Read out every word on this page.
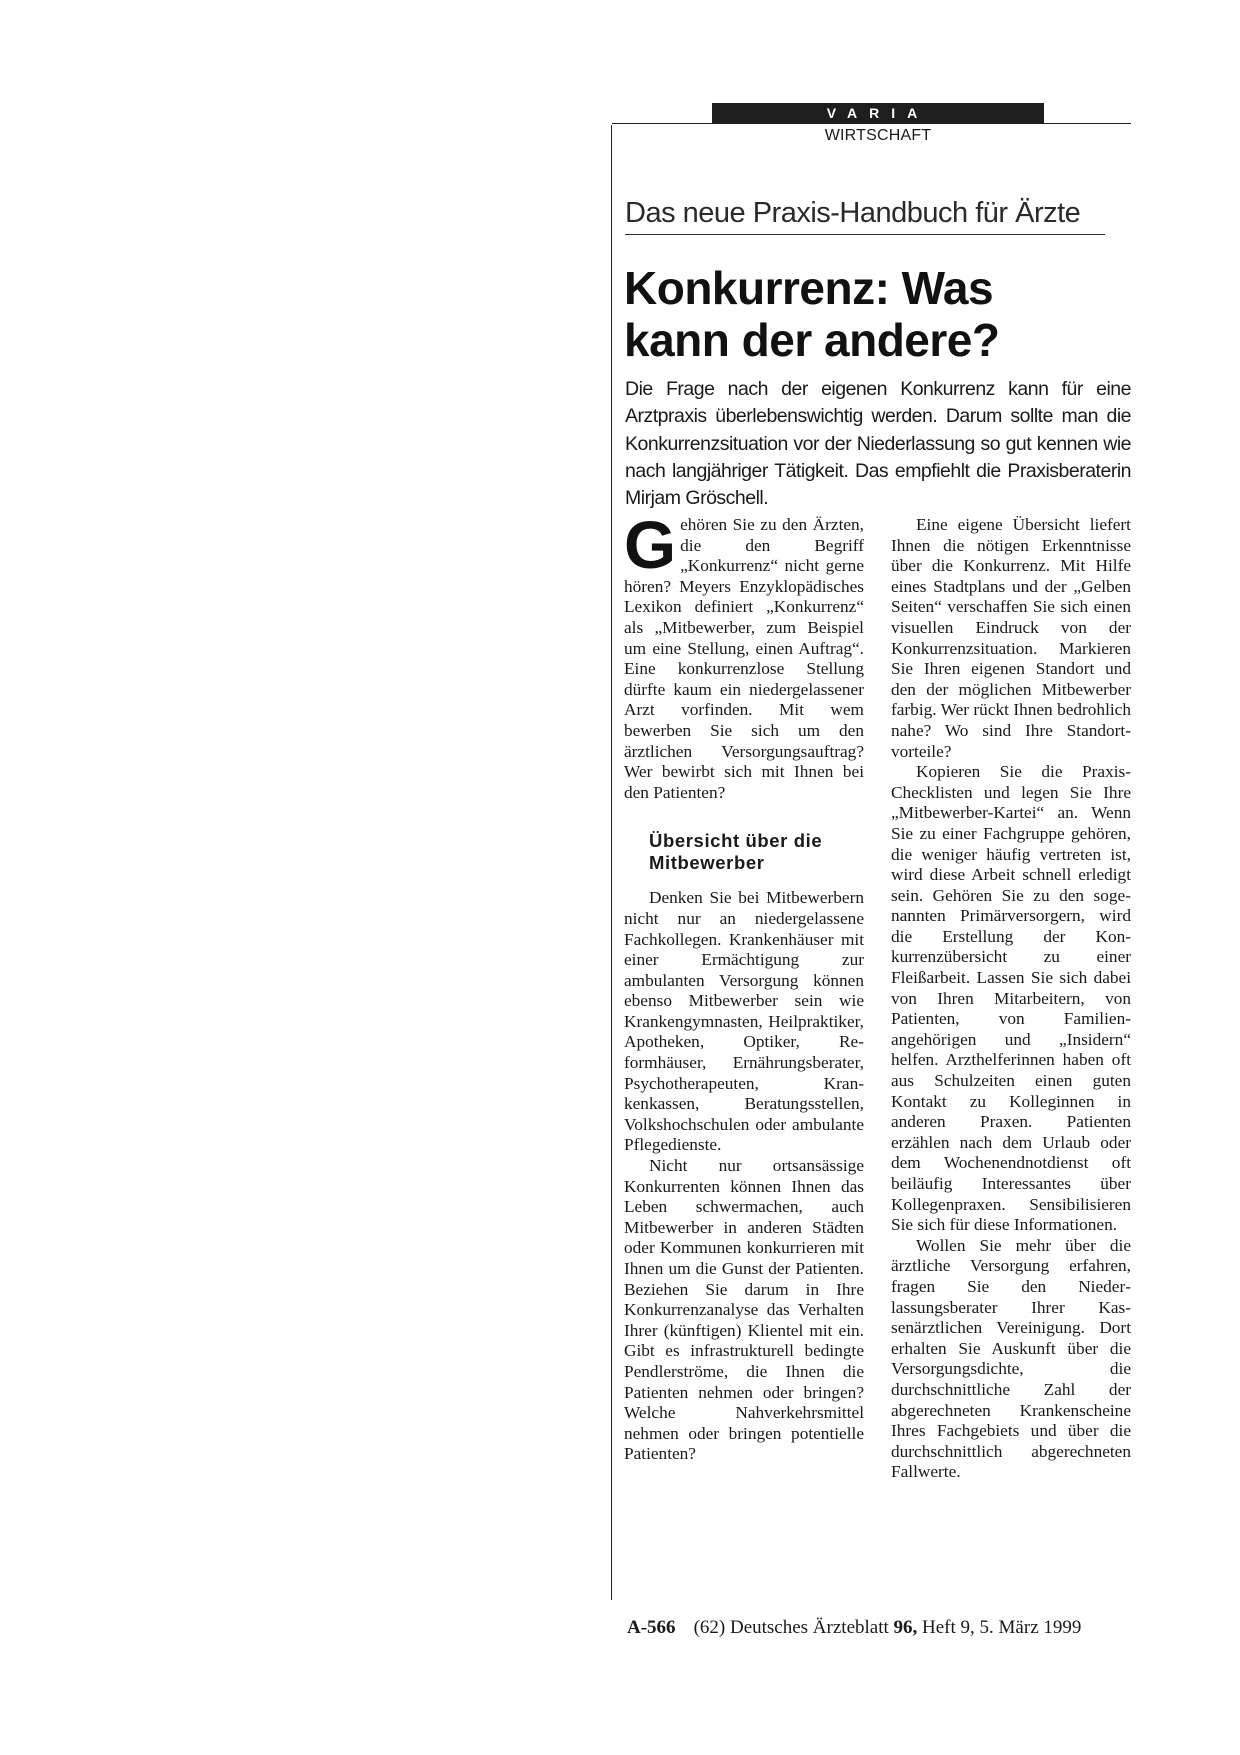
VARIA
WIRTSCHAFT
Das neue Praxis-Handbuch für Ärzte
Konkurrenz: Was
kann der andere?

Die Frage nach der eigenen Konkurrenz kann für eine Arztpraxis überlebenswichtig werden. Darum sollte man die Konkurrenzsituation vor der Niederlassung so gut kennen wie nach langjähriger Tätigkeit. Das empfiehlt die Praxisberaterin Mirjam Gröschell.

Gehören Sie zu den Ärzten, die den Begriff „Konkurrenz“ nicht gerne hören? Meyers Enzyklopädisches Lexikon definiert „Konkurrenz“ als „Mitbewerber, zum Beispiel um eine Stellung, einen Auftrag“. Eine konkurrenzlose Stellung dürfte kaum ein niedergelassener Arzt vorfinden. Mit wem bewerben Sie sich um den ärztlichen Versorgungsauftrag? Wer bewirbt sich mit Ihnen bei den Patienten?

Übersicht über die Mitbewerber

Denken Sie bei Mitbewerbern nicht nur an niedergelassene Fachkollegen. Krankenhäuser mit einer Ermächtigung zur ambulanten Versorgung können ebenso Mitbewerber sein wie Krankengymnasten, Heilpraktiker, Apotheken, Optiker, Reformhäuser, Ernährungsberater, Psychotherapeuten, Krankenkassen, Beratungsstellen, Volkshochschulen oder ambulante Pflegedienste.

Nicht nur ortsansässige Konkurrenten können Ihnen das Leben schwermachen, auch Mitbewerber in anderen Städten oder Kommunen konkurrieren mit Ihnen um die Gunst der Patienten. Beziehen Sie darum in Ihre Konkurrenzanalyse das Verhalten Ihrer (künftigen) Klientel mit ein. Gibt es infrastrukturell bedingte Pendlerströme, die Ihnen die Patienten nehmen oder bringen? Welche Nahverkehrsmittel nehmen oder bringen potentielle Patienten?

Eine eigene Übersicht liefert Ihnen die nötigen Erkenntnisse über die Konkurrenz. Mit Hilfe eines Stadtplans und der „Gelben Seiten“ verschaffen Sie sich einen visuellen Eindruck von der Konkurrenzsituation. Markieren Sie Ihren eigenen Standort und den der möglichen Mitbewerber farbig. Wer rückt Ihnen bedrohlich nahe? Wo sind Ihre Standortvorteile?

Kopieren Sie die Praxis-Checklisten und legen Sie Ihre „Mitbewerber-Kartei“ an. Wenn Sie zu einer Fachgruppe gehören, die weniger häufig vertreten ist, wird diese Arbeit schnell erledigt sein. Gehören Sie zu den sogenannten Primärversorgern, wird die Erstellung der Konkurrenzübersicht zu einer Fleißarbeit. Lassen Sie sich dabei von Ihren Mitarbeitern, von Patienten, von Familienangehörigen und „Insidern“ helfen. Arzthelferinnen haben oft aus Schulzeiten einen guten Kontakt zu Kolleginnen in anderen Praxen. Patienten erzählen nach dem Urlaub oder dem Wochenendnotdienst oft beiläufig Interessantes über Kollegenpraxen. Sensibilisieren Sie sich für diese Informationen.

Wollen Sie mehr über die ärztliche Versorgung erfahren, fragen Sie den Niederlassungsberater Ihrer Kassenärztlichen Vereinigung. Dort erhalten Sie Auskunft über die Versorgungsdichte, die durchschnittliche Zahl der abgerechneten Krankenscheine Ihres Fachgebiets und über die durchschnittlich abgerechneten Fallwerte.

A-566 (62) Deutsches Ärzteblatt 96, Heft 9, 5. März 1999
